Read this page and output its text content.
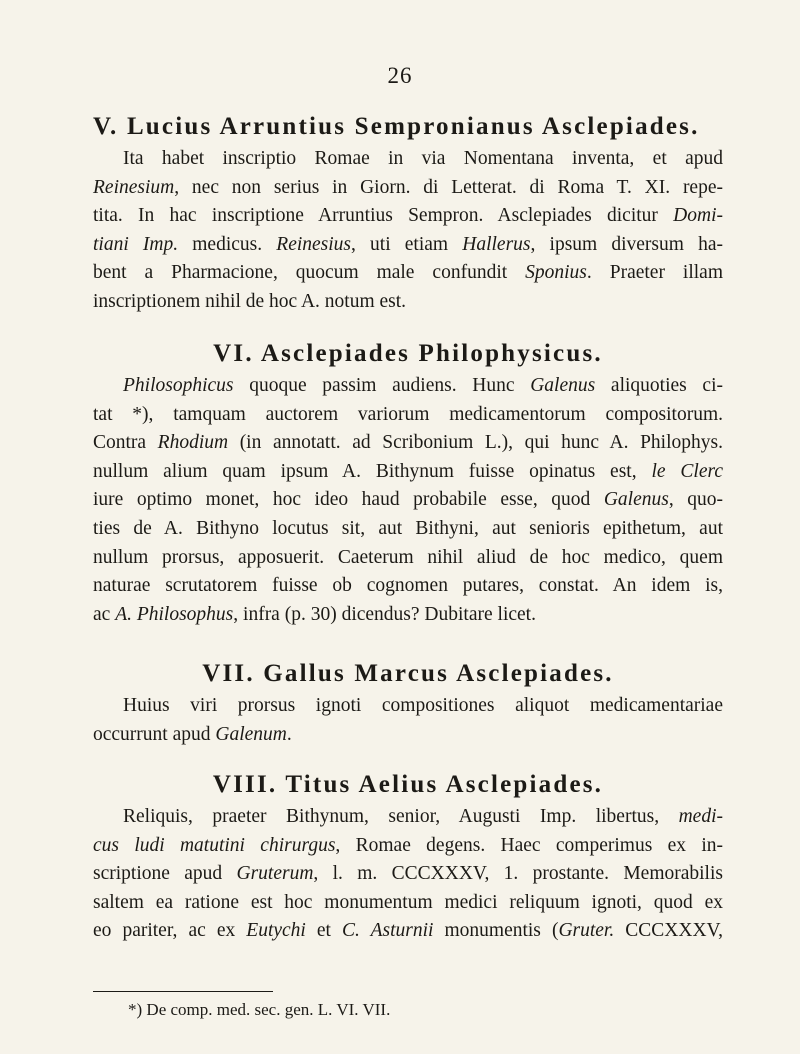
26
V. Lucius Arruntius Sempronianus Asclepiades.
Ita habet inscriptio Romae in via Nomentana inventa, et apud
Reinesium, nec non serius in Giorn. di Letterat. di Roma T. XI. repe-
tita. In hac inscriptione Arruntius Sempron. Asclepiades dicitur Domi-
tiani Imp. medicus. Reinesius, uti etiam Hallerus, ipsum diversum ha-
bent a Pharmacione, quocum male confundit Sponius. Praeter illam
inscriptionem nihil de hoc A. notum est.
VI. Asclepiades Philophysicus.
Philosophicus quoque passim audiens. Hunc Galenus aliquoties ci-
tat *), tamquam auctorem variorum medicamentorum compositorum.
Contra Rhodium (in annotatt. ad Scribonium L.), qui hunc A. Philophys.
nullum alium quam ipsum A. Bithynum fuisse opinatus est, le Clerc
iure optimo monet, hoc ideo haud probabile esse, quod Galenus, quo-
ties de A. Bithyno locutus sit, aut Bithyni, aut senioris epithetum, aut
nullum prorsus, apposuerit. Caeterum nihil aliud de hoc medico, quem
naturae scrutatorem fuisse ob cognomen putares, constat. An idem is,
ac A. Philosophus, infra (p. 30) dicendus? Dubitare licet.
VII. Gallus Marcus Asclepiades.
Huius viri prorsus ignoti compositiones aliquot medicamentariae
occurrunt apud Galenum.
VIII. Titus Aelius Asclepiades.
Reliquis, praeter Bithynum, senior, Augusti Imp. libertus, medi-
cus ludi matutini chirurgus, Romae degens. Haec comperimus ex in-
scriptione apud Gruterum, l. m. CCCXXXV, 1. prostante. Memorabilis
saltem ea ratione est hoc monumentum medici reliquum ignoti, quod ex
eo pariter, ac ex Eutychi et C. Asturnii monumentis (Gruter. CCCXXXV,
*) De comp. med. sec. gen. L. VI. VII.
